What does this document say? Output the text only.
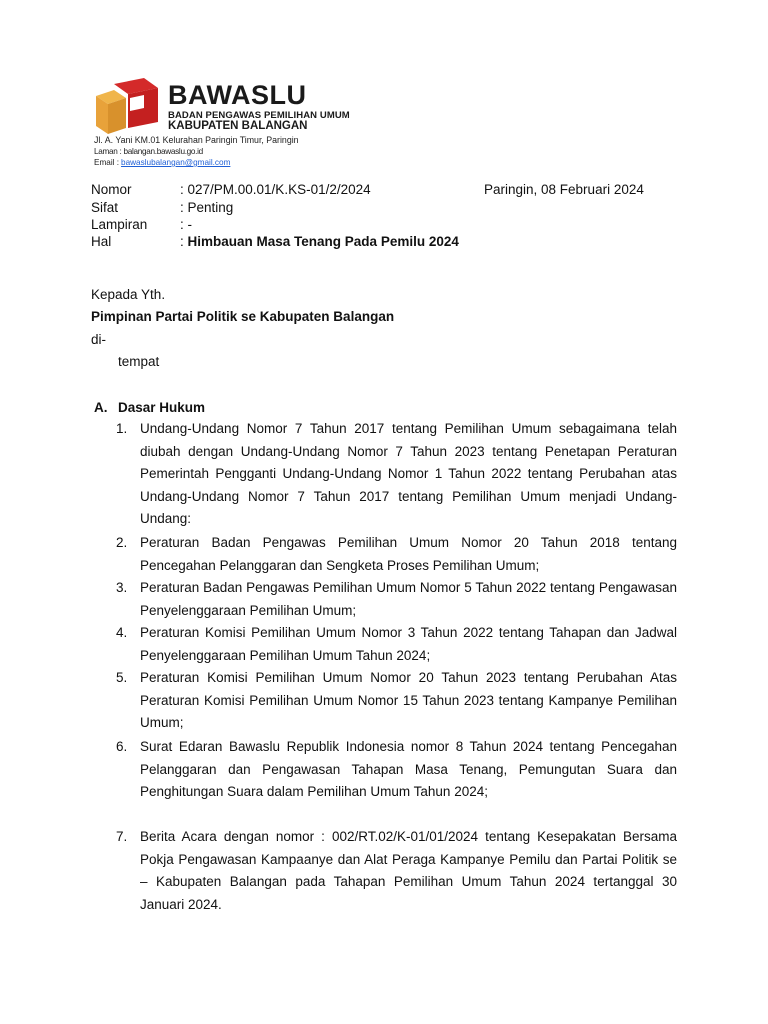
BAWASLU
BADAN PENGAWAS PEMILIHAN UMUM
KABUPATEN BALANGAN
Jl. A. Yani KM.01 Kelurahan Paringin Timur, Paringin
Laman : balangan.bawaslu.go.id
Email : bawaslubalangan@gmail.com
Nomor	: 027/PM.00.01/K.KS-01/2/2024	Paringin, 08 Februari 2024
Sifat	: Penting
Lampiran : -
Hal	: Himbauan Masa Tenang Pada Pemilu 2024
Kepada Yth.
Pimpinan Partai Politik se Kabupaten Balangan
di-
tempat
A. Dasar Hukum
1. Undang-Undang Nomor 7 Tahun 2017 tentang Pemilihan Umum sebagaimana telah diubah dengan Undang-Undang Nomor 7 Tahun 2023 tentang Penetapan Peraturan Pemerintah Pengganti Undang-Undang Nomor 1 Tahun 2022 tentang Perubahan atas Undang-Undang Nomor 7 Tahun 2017 tentang Pemilihan Umum menjadi Undang-Undang:
2. Peraturan Badan Pengawas Pemilihan Umum Nomor 20 Tahun 2018 tentang Pencegahan Pelanggaran dan Sengketa Proses Pemilihan Umum;
3. Peraturan Badan Pengawas Pemilihan Umum Nomor 5 Tahun 2022 tentang Pengawasan Penyelenggaraan Pemilihan Umum;
4. Peraturan Komisi Pemilihan Umum Nomor 3 Tahun 2022 tentang Tahapan dan Jadwal Penyelenggaraan Pemilihan Umum Tahun 2024;
5. Peraturan Komisi Pemilihan Umum Nomor 20 Tahun 2023 tentang Perubahan Atas Peraturan Komisi Pemilihan Umum Nomor 15 Tahun 2023 tentang Kampanye Pemilihan Umum;
6. Surat Edaran Bawaslu Republik Indonesia nomor 8 Tahun 2024 tentang Pencegahan Pelanggaran dan Pengawasan Tahapan Masa Tenang, Pemungutan Suara dan Penghitungan Suara dalam Pemilihan Umum Tahun 2024;
7. Berita Acara dengan nomor : 002/RT.02/K-01/01/2024 tentang Kesepakatan Bersama Pokja Pengawasan Kampaanye dan Alat Peraga Kampanye Pemilu dan Partai Politik se – Kabupaten Balangan pada Tahapan Pemilihan Umum Tahun 2024 tertanggal 30 Januari 2024.
